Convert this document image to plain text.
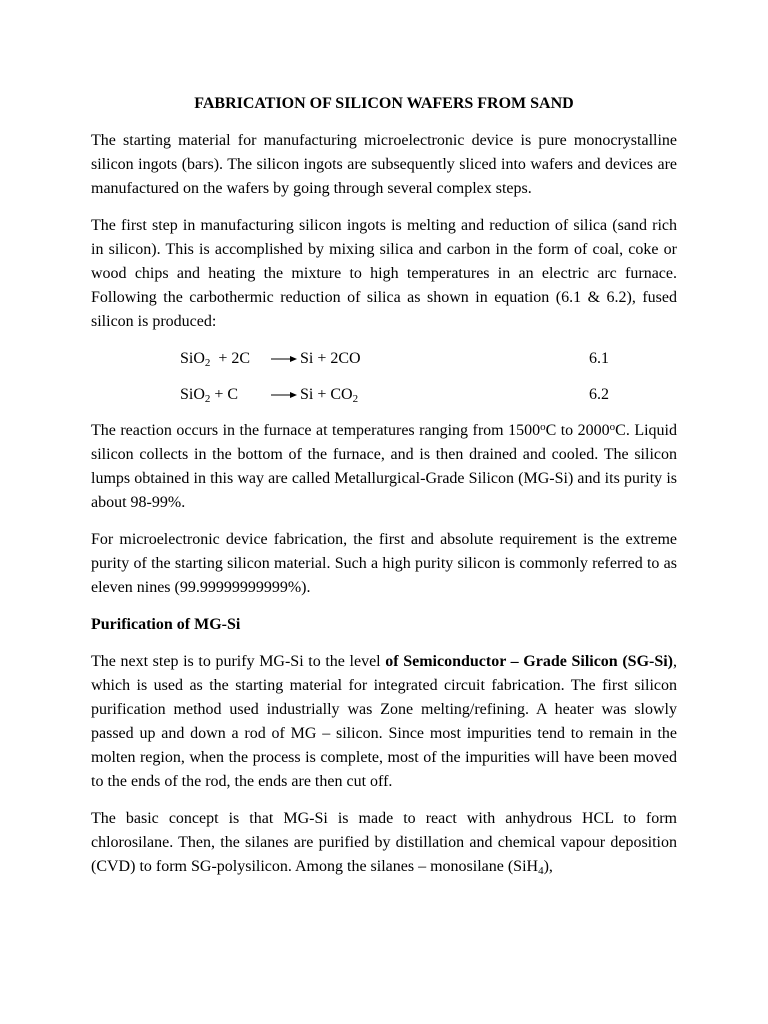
FABRICATION OF SILICON WAFERS FROM SAND

The starting material for manufacturing microelectronic device is pure monocrystalline silicon ingots (bars). The silicon ingots are subsequently sliced into wafers and devices are manufactured on the wafers by going through several complex steps.

The first step in manufacturing silicon ingots is melting and reduction of silica (sand rich in silicon). This is accomplished by mixing silica and carbon in the form of coal, coke or wood chips and heating the mixture to high temperatures in an electric arc furnace. Following the carbothermic reduction of silica as shown in equation (6.1 & 6.2), fused silicon is produced:

SiO$_2$  + 2C → Si + 2CO	6.1
$SiO_2 + C \to Si + CO_2$	6.2

The reaction occurs in the furnace at temperatures ranging from 1500$^o$C to 2000$^o$C. Liquid silicon collects in the bottom of the furnace, and is then drained and cooled. The silicon lumps obtained in this way are called Metallurgical-Grade Silicon (MG-Si) and its purity is about 98-99%.

For microelectronic device fabrication, the first and absolute requirement is the extreme purity of the starting silicon material. Such a high purity silicon is commonly referred to as eleven nines (99.99999999999%).

Purification of MG-Si

The next step is to purify MG-Si to the level of Semiconductor – Grade Silicon (SG-Si), which is used as the starting material for integrated circuit fabrication. The first silicon purification method used industrially was Zone melting/refining. A heater was slowly passed up and down a rod of MG – silicon. Since most impurities tend to remain in the molten region, when the process is complete, most of the impurities will have been moved to the ends of the rod, the ends are then cut off.

The basic concept is that MG-Si is made to react with anhydrous HCL to form chlorosilane. Then, the silanes are purified by distillation and chemical vapour deposition (CVD) to form SG-polysilicon. Among the silanes – monosilane (SiH$_4$),
